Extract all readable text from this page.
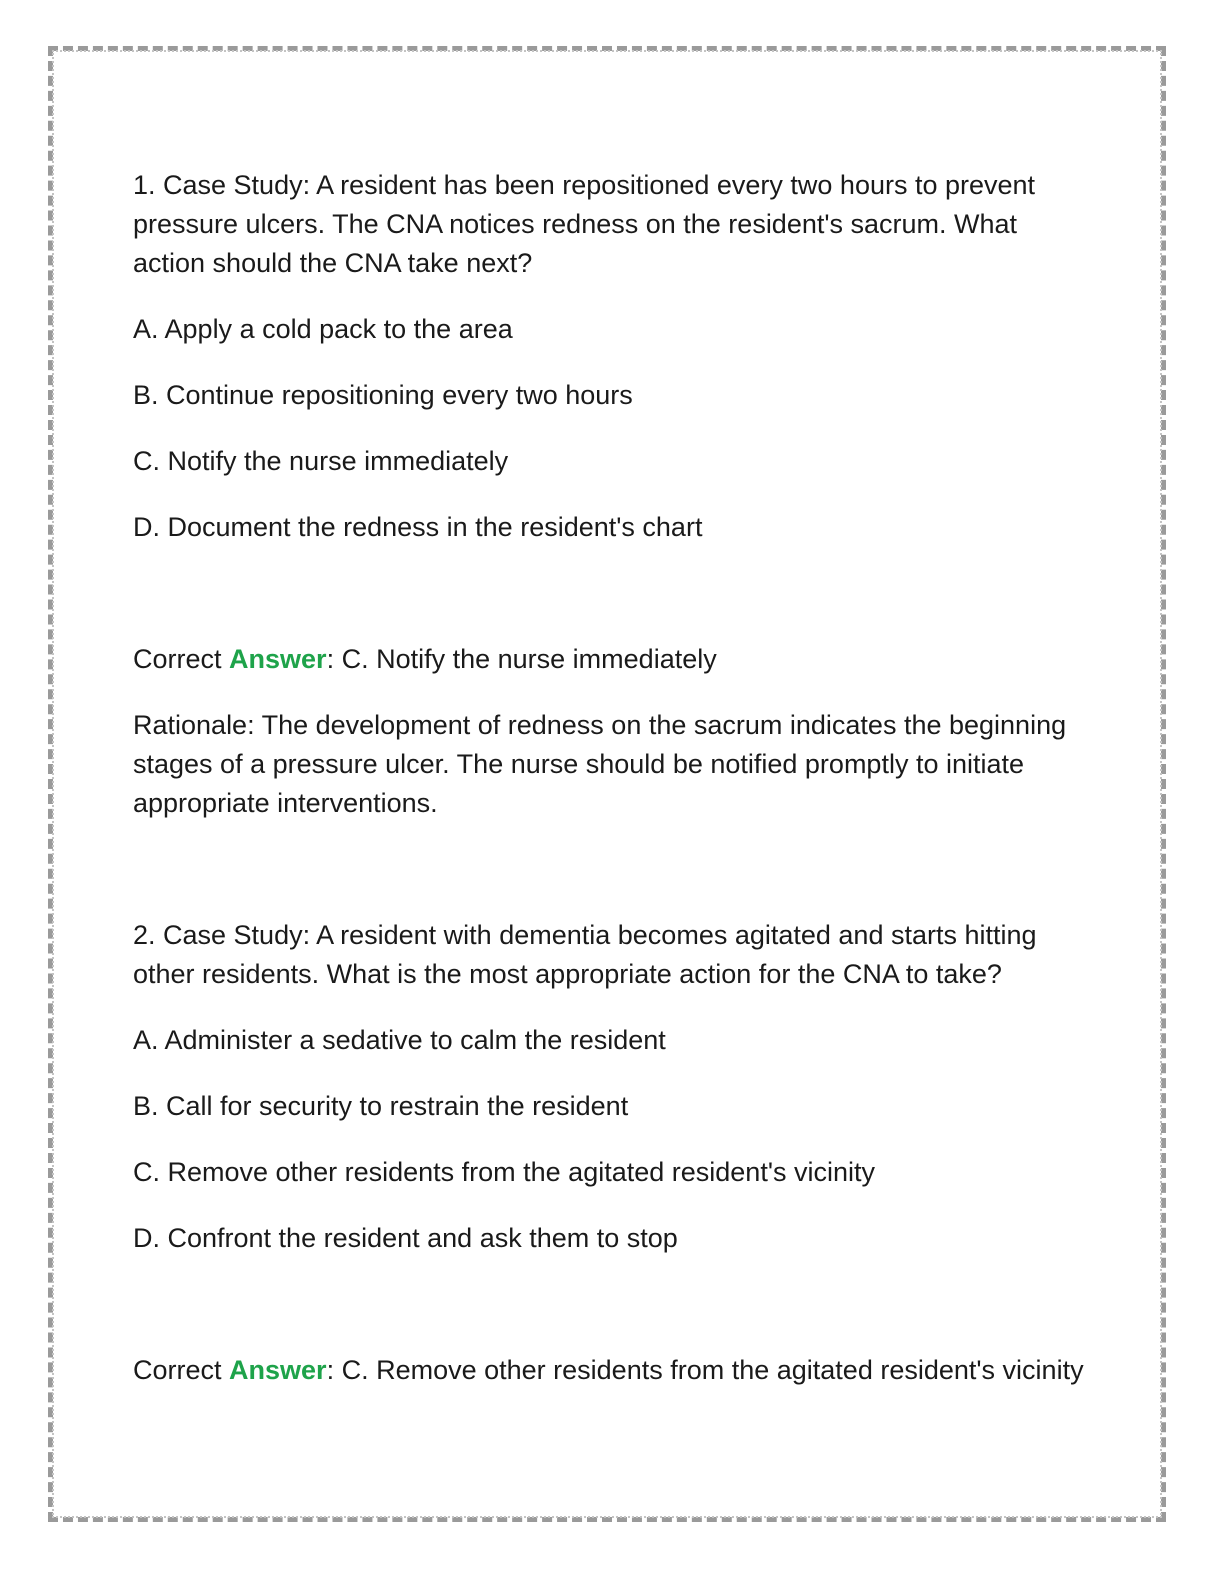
1. Case Study: A resident has been repositioned every two hours to prevent pressure ulcers. The CNA notices redness on the resident's sacrum. What action should the CNA take next?

A. Apply a cold pack to the area

B. Continue repositioning every two hours

C. Notify the nurse immediately

D. Document the redness in the resident's chart

Correct Answer: C. Notify the nurse immediately

Rationale: The development of redness on the sacrum indicates the beginning stages of a pressure ulcer. The nurse should be notified promptly to initiate appropriate interventions.

2. Case Study: A resident with dementia becomes agitated and starts hitting other residents. What is the most appropriate action for the CNA to take?

A. Administer a sedative to calm the resident

B. Call for security to restrain the resident

C. Remove other residents from the agitated resident's vicinity

D. Confront the resident and ask them to stop

Correct Answer: C. Remove other residents from the agitated resident's vicinity
